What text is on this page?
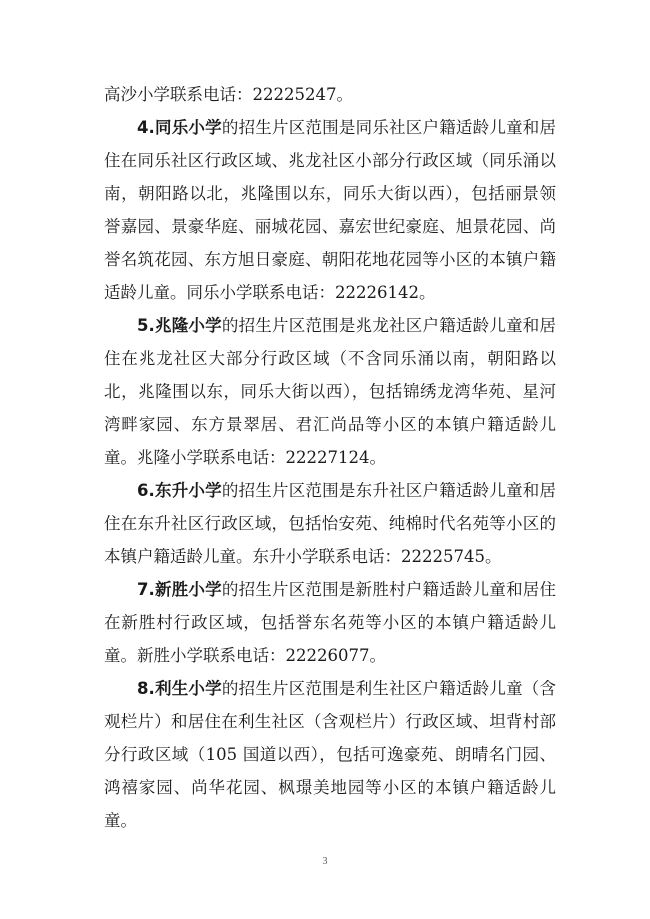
高沙小学联系电话：22225247。

4.同乐小学的招生片区范围是同乐社区户籍适龄儿童和居住在同乐社区行政区域、兆龙社区小部分行政区域（同乐涌以南，朝阳路以北，兆隆围以东，同乐大街以西），包括丽景领誉嘉园、景豪华庭、丽城花园、嘉宏世纪豪庭、旭景花园、尚誉名筑花园、东方旭日豪庭、朝阳花地花园等小区的本镇户籍适龄儿童。同乐小学联系电话：22226142。

5.兆隆小学的招生片区范围是兆龙社区户籍适龄儿童和居住在兆龙社区大部分行政区域（不含同乐涌以南，朝阳路以北，兆隆围以东，同乐大街以西），包括锦绣龙湾华苑、星河湾畔家园、东方景翠居、君汇尚品等小区的本镇户籍适龄儿童。兆隆小学联系电话：22227124。

6.东升小学的招生片区范围是东升社区户籍适龄儿童和居住在东升社区行政区域，包括怡安苑、纯棉时代名苑等小区的本镇户籍适龄儿童。东升小学联系电话：22225745。

7.新胜小学的招生片区范围是新胜村户籍适龄儿童和居住在新胜村行政区域，包括誉东名苑等小区的本镇户籍适龄儿童。新胜小学联系电话：22226077。

8.利生小学的招生片区范围是利生社区户籍适龄儿童（含观栏片）和居住在利生社区（含观栏片）行政区域、坦背村部分行政区域（105 国道以西），包括可逸豪苑、朗晴名门园、鸿禧家园、尚华花园、枫璟美地园等小区的本镇户籍适龄儿童。

3
